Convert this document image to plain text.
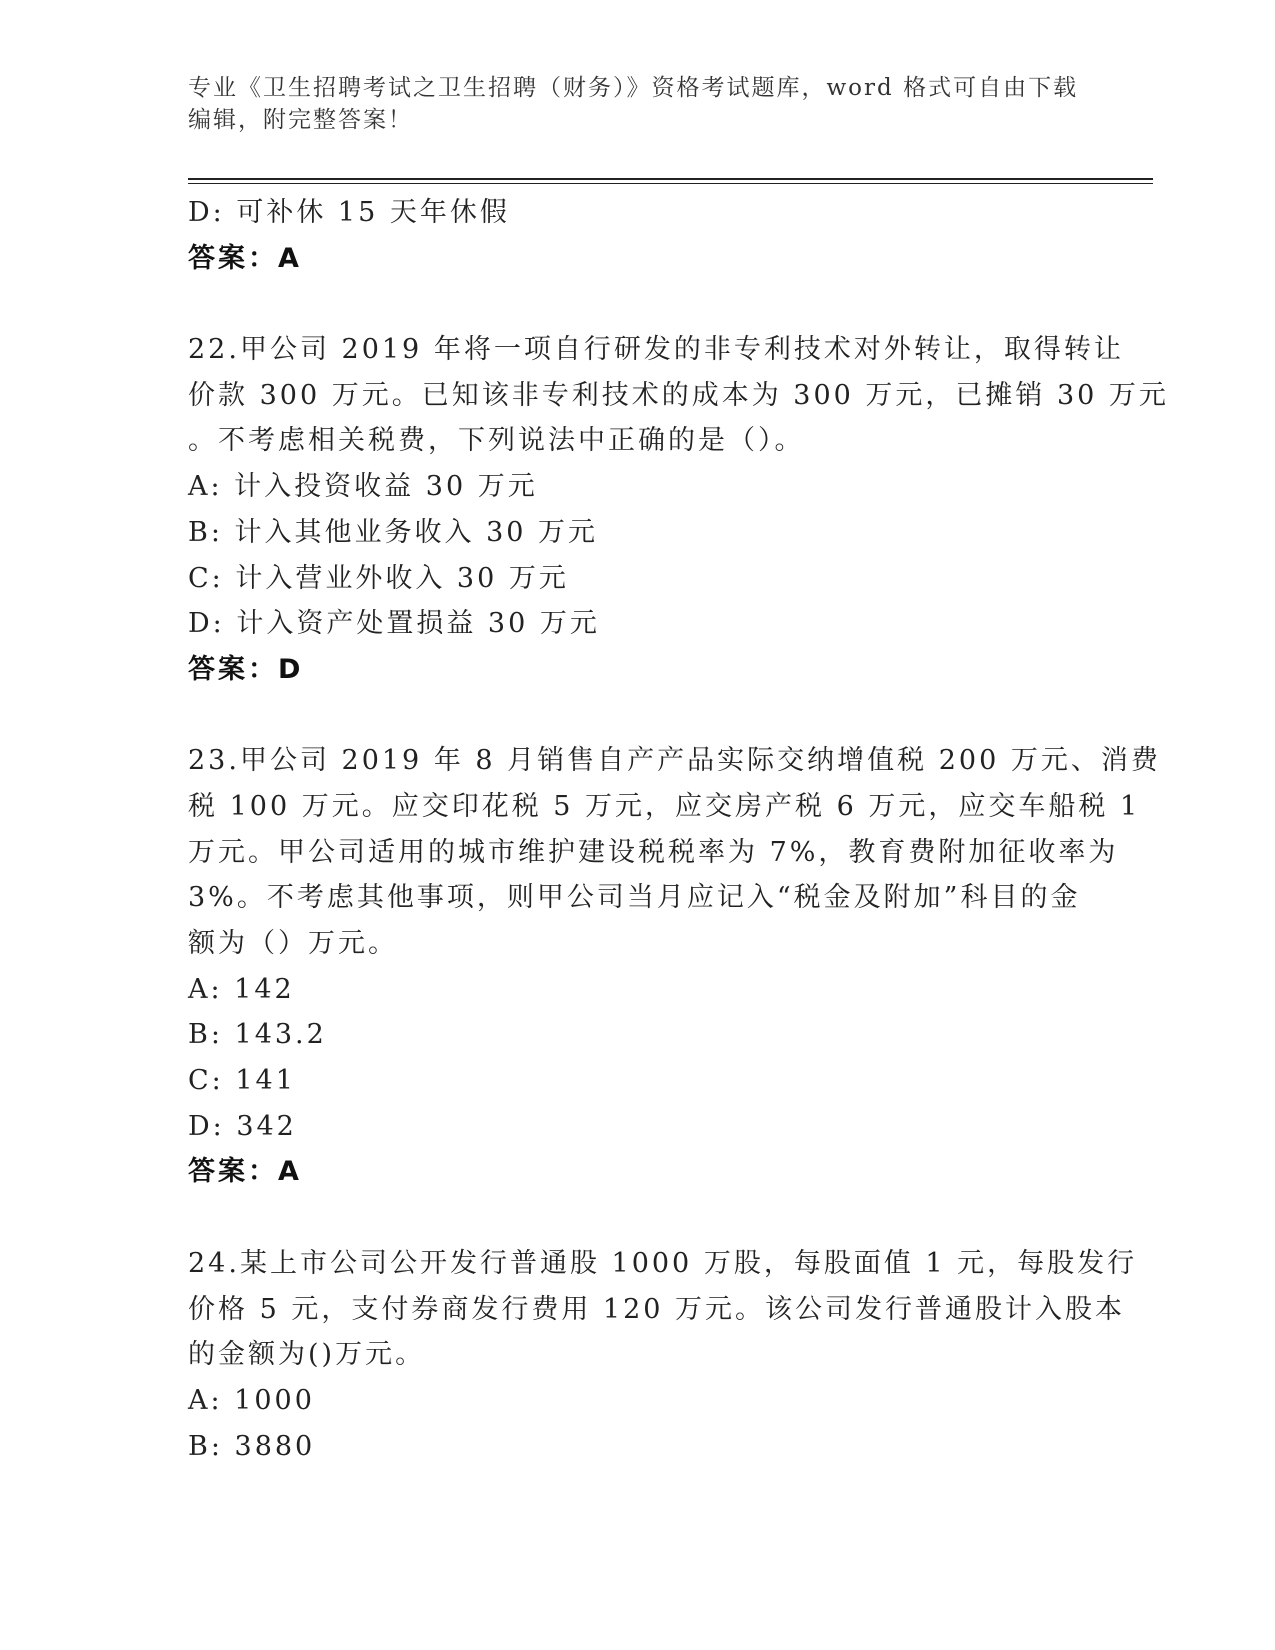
专业《卫生招聘考试之卫生招聘（财务）》资格考试题库，word 格式可自由下载
编辑，附完整答案！
D: 可补休 15 天年休假
答案：A
22.甲公司 2019 年将一项自行研发的非专利技术对外转让，取得转让
价款 300 万元。已知该非专利技术的成本为 300 万元，已摊销 30 万元
。不考虑相关税费，下列说法中正确的是（）。
A: 计入投资收益 30 万元
B: 计入其他业务收入 30 万元
C: 计入营业外收入 30 万元
D: 计入资产处置损益 30 万元
答案：D
23.甲公司 2019 年 8 月销售自产产品实际交纳增值税 200 万元、消费
税 100 万元。应交印花税 5 万元，应交房产税 6 万元，应交车船税 1
万元。甲公司适用的城市维护建设税税率为 7%，教育费附加征收率为
3%。不考虑其他事项，则甲公司当月应记入“税金及附加”科目的金
额为（）万元。
A: 142
B: 143.2
C: 141
D: 342
答案：A
24.某上市公司公开发行普通股 1000 万股，每股面值 1 元，每股发行
价格 5 元，支付券商发行费用 120 万元。该公司发行普通股计入股本
的金额为()万元。
A: 1000
B: 3880
